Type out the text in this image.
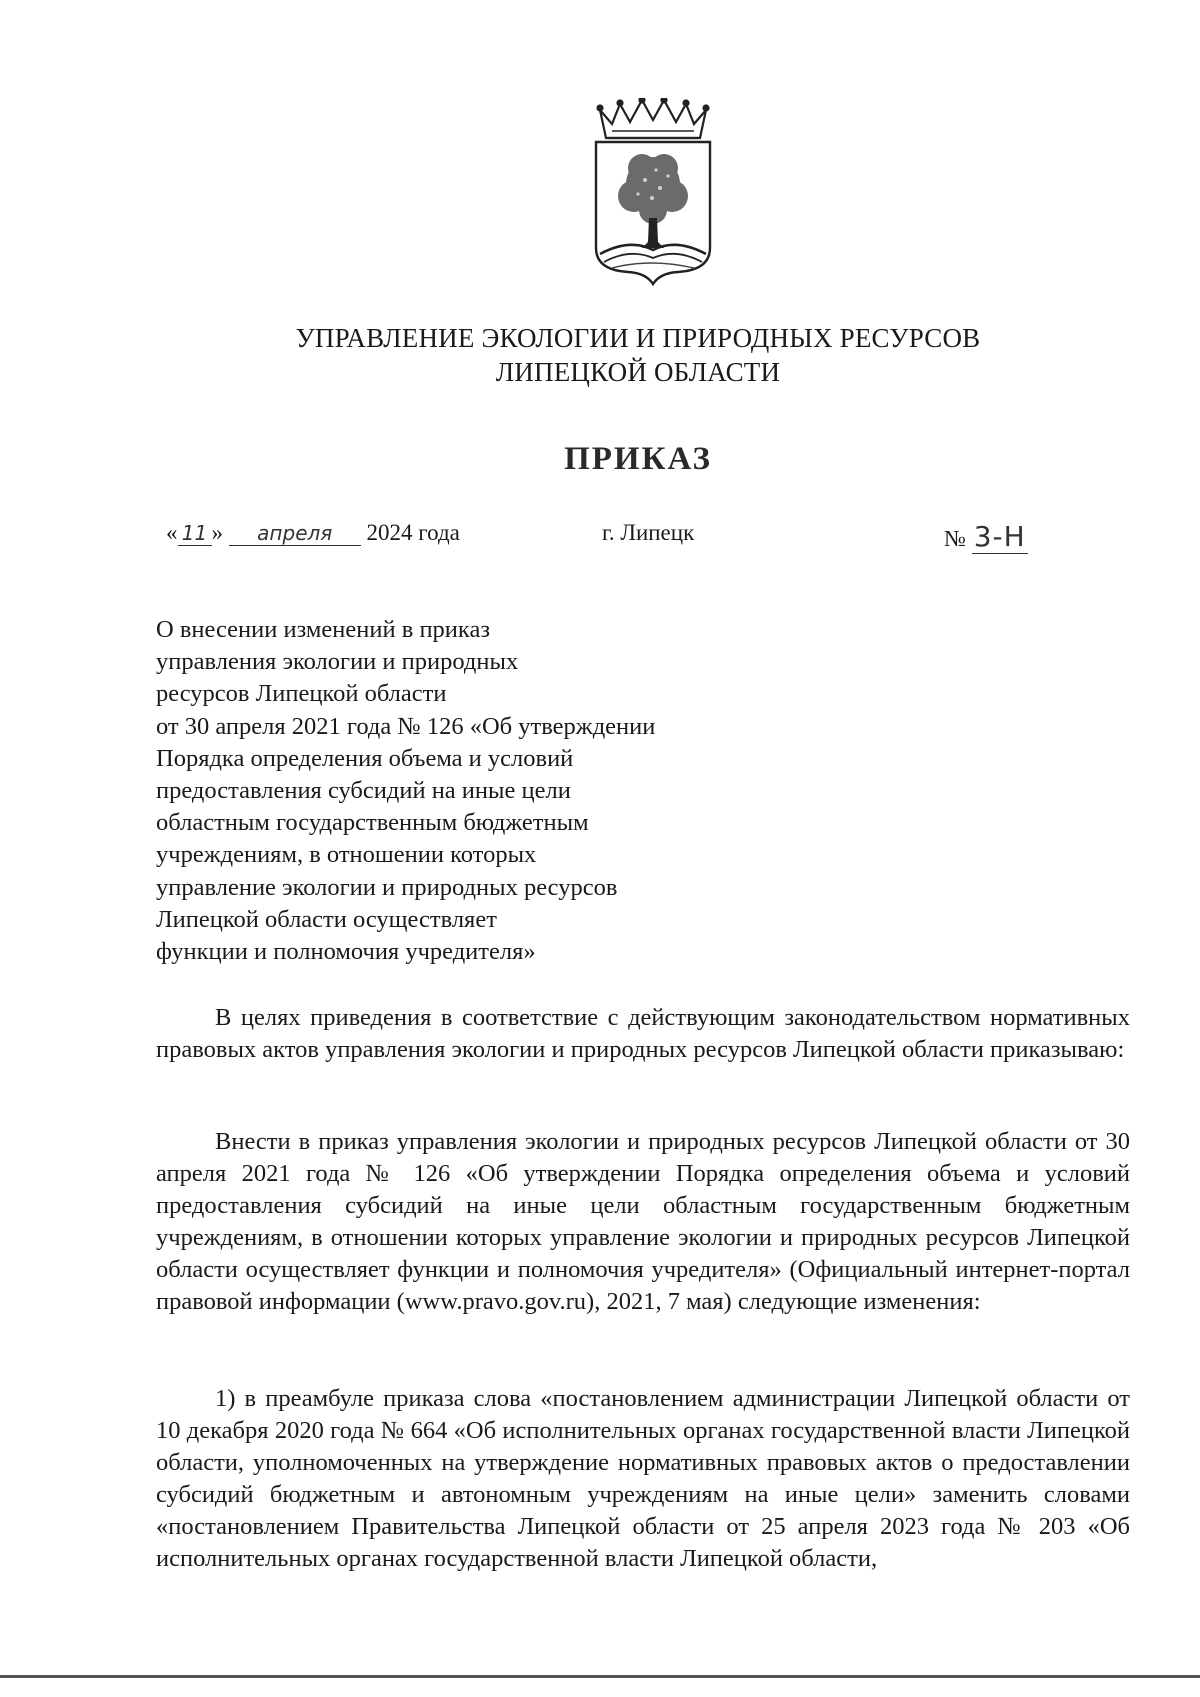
УПРАВЛЕНИЕ ЭКОЛОГИИ И ПРИРОДНЫХ РЕСУРСОВ
ЛИПЕЦКОЙ ОБЛАСТИ
ПРИКАЗ
« 11 » апреля 2024 года	г. Липецк	№ 3-Н
О внесении изменений в приказ
управления экологии и природных
ресурсов Липецкой области
от 30 апреля 2021 года № 126 «Об утверждении
Порядка определения объема и условий
предоставления субсидий на иные цели
областным государственным бюджетным
учреждениям, в отношении которых
управление экологии и природных ресурсов
Липецкой области осуществляет
функции и полномочия учредителя»
В целях приведения в соответствие с действующим законодательством нормативных правовых актов управления экологии и природных ресурсов Липецкой области приказываю:
Внести в приказ управления экологии и природных ресурсов Липецкой области от 30 апреля 2021 года № 126 «Об утверждении Порядка определения объема и условий предоставления субсидий на иные цели областным государственным бюджетным учреждениям, в отношении которых управление экологии и природных ресурсов Липецкой области осуществляет функции и полномочия учредителя» (Официальный интернет-портал правовой информации (www.pravo.gov.ru), 2021, 7 мая) следующие изменения:
1) в преамбуле приказа слова «постановлением администрации Липецкой области от 10 декабря 2020 года № 664 «Об исполнительных органах государственной власти Липецкой области, уполномоченных на утверждение нормативных правовых актов о предоставлении субсидий бюджетным и автономным учреждениям на иные цели» заменить словами «постановлением Правительства Липецкой области от 25 апреля 2023 года № 203 «Об исполнительных органах государственной власти Липецкой области,
